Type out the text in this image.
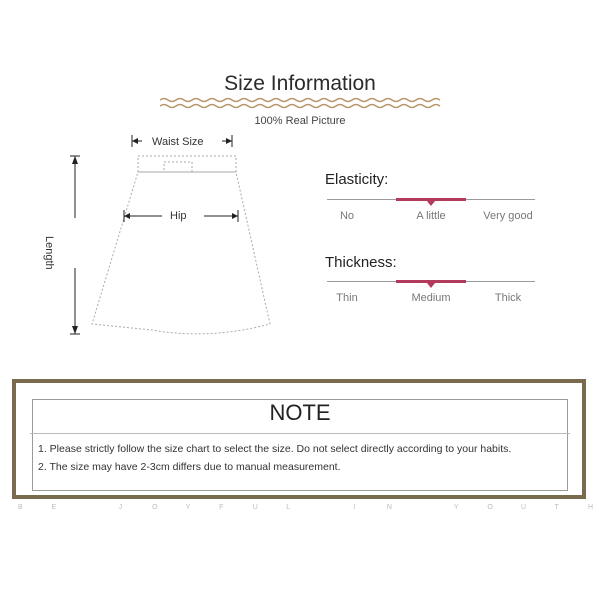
Size Information
100% Real Picture
Waist Size
Hip
Length
Elasticity:
No	A little	Very good
Thickness:
Thin	Medium	Thick
NOTE
1. Please strictly follow the size chart to select the size. Do not select directly according to your habits.
2. The size may have 2-3cm differs due to manual measurement.
B	E	J	O	Y	F	U	L	I	N	Y	O	U	T	H
